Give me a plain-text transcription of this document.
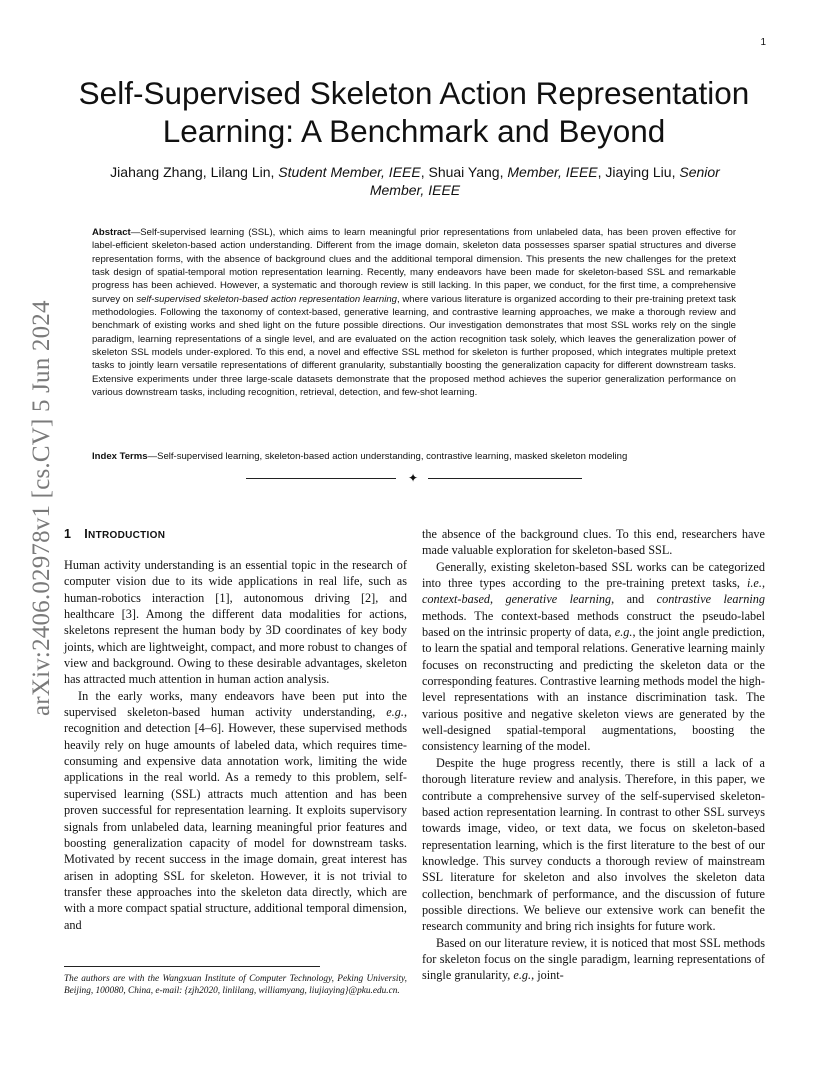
1
arXiv:2406.02978v1 [cs.CV] 5 Jun 2024
Self-Supervised Skeleton Action Representation
Learning: A Benchmark and Beyond
Jiahang Zhang, Lilang Lin, Student Member, IEEE, Shuai Yang, Member, IEEE, Jiaying Liu, Senior Member, IEEE
Abstract—Self-supervised learning (SSL), which aims to learn meaningful prior representations from unlabeled data, has been proven effective for label-efficient skeleton-based action understanding. Different from the image domain, skeleton data possesses sparser spatial structures and diverse representation forms, with the absence of background clues and the additional temporal dimension. This presents the new challenges for the pretext task design of spatial-temporal motion representation learning. Recently, many endeavors have been made for skeleton-based SSL and remarkable progress has been achieved. However, a systematic and thorough review is still lacking. In this paper, we conduct, for the first time, a comprehensive survey on self-supervised skeleton-based action representation learning, where various literature is organized according to their pre-training pretext task methodologies. Following the taxonomy of context-based, generative learning, and contrastive learning approaches, we make a thorough review and benchmark of existing works and shed light on the future possible directions. Our investigation demonstrates that most SSL works rely on the single paradigm, learning representations of a single level, and are evaluated on the action recognition task solely, which leaves the generalization power of skeleton SSL models under-explored. To this end, a novel and effective SSL method for skeleton is further proposed, which integrates multiple pretext tasks to jointly learn versatile representations of different granularity, substantially boosting the generalization capacity for different downstream tasks. Extensive experiments under three large-scale datasets demonstrate that the proposed method achieves the superior generalization performance on various downstream tasks, including recognition, retrieval, detection, and few-shot learning.
Index Terms—Self-supervised learning, skeleton-based action understanding, contrastive learning, masked skeleton modeling
✦
1 INTRODUCTION

Human activity understanding is an essential topic in the research of computer vision due to its wide applications in real life, such as human-robotics interaction [1], autonomous driving [2], and healthcare [3]. Among the different data modalities for actions, skeletons represent the human body by 3D coordinates of key body joints, which are lightweight, compact, and more robust to changes of view and background. Owing to these desirable advantages, skeleton has attracted much attention in human action analysis.

In the early works, many endeavors have been put into the supervised skeleton-based human activity understanding, e.g., recognition and detection [4–6]. However, these supervised methods heavily rely on huge amounts of labeled data, which requires time-consuming and expensive data annotation work, limiting the wide applications in the real world. As a remedy to this problem, self-supervised learning (SSL) attracts much attention and has been proven successful for representation learning. It exploits supervisory signals from unlabeled data, learning meaningful prior features and boosting generalization capacity of model for downstream tasks. Motivated by recent success in the image domain, great interest has arisen in adopting SSL for skeleton. However, it is not trivial to transfer these approaches into the skeleton data directly, which are with a more compact spatial structure, additional temporal dimension, and

The authors are with the Wangxuan Institute of Computer Technology, Peking University, Beijing, 100080, China, e-mail: {zjh2020, linlilang, williamyang, liujiaying}@pku.edu.cn.

the absence of the background clues. To this end, researchers have made valuable exploration for skeleton-based SSL.

Generally, existing skeleton-based SSL works can be categorized into three types according to the pre-training pretext tasks, i.e., context-based, generative learning, and contrastive learning methods. The context-based methods construct the pseudo-label based on the intrinsic property of data, e.g., the joint angle prediction, to learn the spatial and temporal relations. Generative learning mainly focuses on reconstructing and predicting the skeleton data or the corresponding features. Contrastive learning methods model the high-level representations with an instance discrimination task. The various positive and negative skeleton views are generated by the well-designed spatial-temporal augmentations, boosting the consistency learning of the model.

Despite the huge progress recently, there is still a lack of a thorough literature review and analysis. Therefore, in this paper, we contribute a comprehensive survey of the self-supervised skeleton-based action representation learning. In contrast to other SSL surveys towards image, video, or text data, we focus on skeleton-based representation learning, which is the first literature to the best of our knowledge. This survey conducts a thorough review of mainstream SSL literature for skeleton and also involves the skeleton data collection, benchmark of performance, and the discussion of future possible directions. We believe our extensive work can benefit the research community and bring rich insights for future work.

Based on our literature review, it is noticed that most SSL methods for skeleton focus on the single paradigm, learning representations of single granularity, e.g., joint-
